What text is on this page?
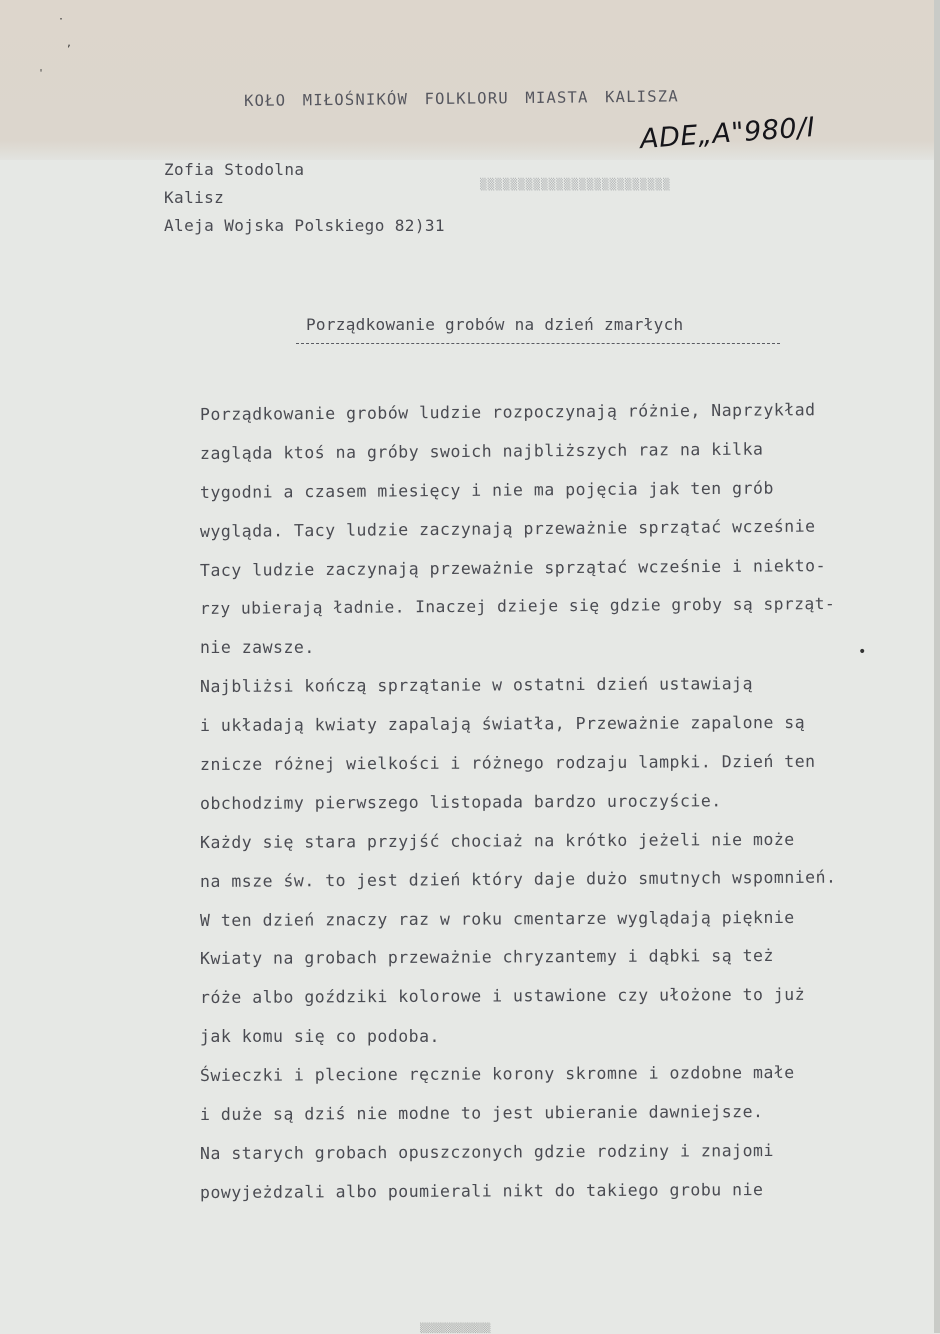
·
,
'
•
KOŁO MIŁOŚNIKÓW FOLKLORU MIASTA KALISZA
ADE„A"980/I
▒▒▒▒▒▒▒▒▒▒▒▒▒▒▒▒▒▒▒▒▒▒▒▒▒
Zofia Stodolna
Kalisz
Aleja Wojska Polskiego 82)31
Porządkowanie grobów na dzień zmarłych
Porządkowanie grobów ludzie rozpoczynają różnie, Naprzykład
zagląda ktoś na gróby swoich najbliższych raz na kilka
tygodni a czasem miesięcy i nie ma pojęcia jak ten grób
wygląda. Tacy ludzie zaczynają przeważnie sprzątać wcześnie
Tacy ludzie zaczynają przeważnie sprzątać wcześnie i niekto-
rzy ubierają ładnie. Inaczej dzieje się gdzie groby są sprząt-
nie zawsze.
Najbliżsi kończą sprzątanie w ostatni dzień ustawiają
i układają kwiaty zapalają światła, Przeważnie zapalone są
znicze różnej wielkości i różnego rodzaju lampki. Dzień ten
obchodzimy pierwszego listopada bardzo uroczyście.
Każdy się stara przyjść chociaż na krótko jeżeli nie może
na msze św. to jest dzień który daje dużo smutnych wspomnień.
W ten dzień znaczy raz w roku cmentarze wyglądają pięknie
Kwiaty na grobach przeważnie chryzantemy i dąbki są też
róże albo goździki kolorowe i ustawione czy ułożone to już
jak komu się co podoba.
Świeczki i plecione ręcznie korony skromne i ozdobne małe
i duże są dziś nie modne to jest ubieranie dawniejsze.
Na starych grobach opuszczonych gdzie rodziny i znajomi
powyjeżdzali albo poumierali nikt do takiego grobu nie
▒▒▒▒▒▒▒▒▒▒▒▒▒
